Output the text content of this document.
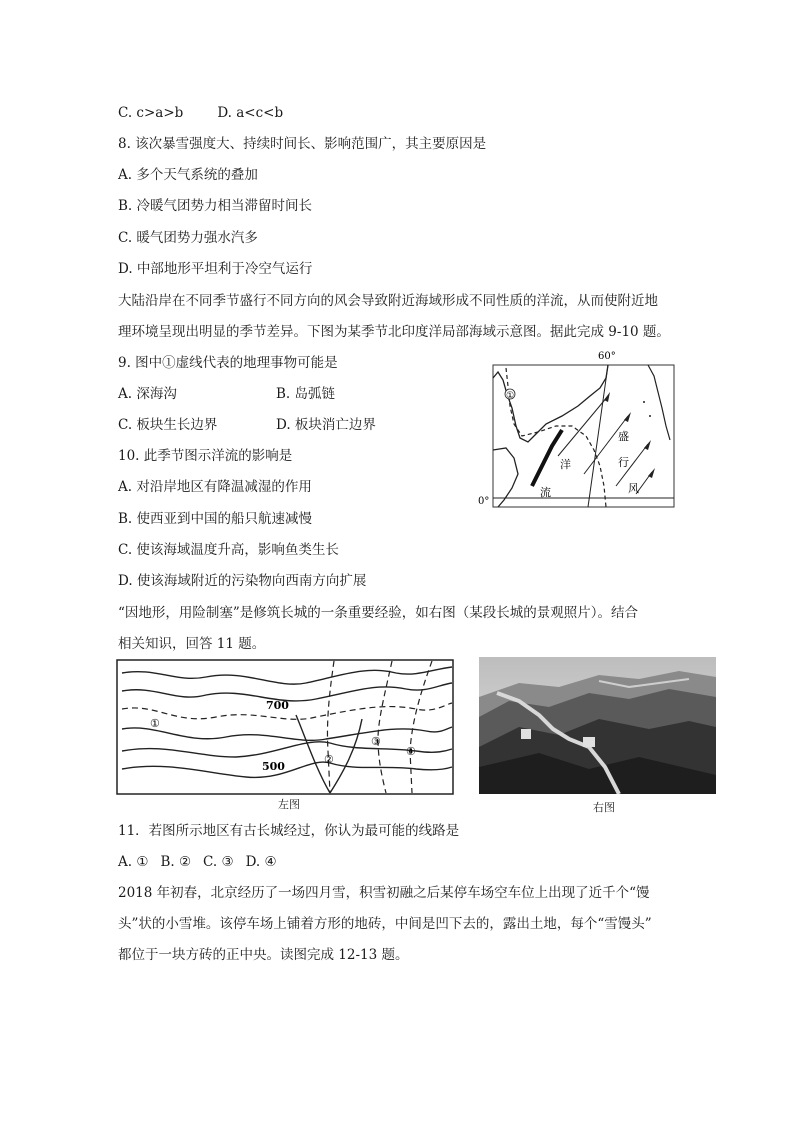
C. c>a>b	D. a<c<b
8. 该次暴雪强度大、持续时间长、影响范围广，其主要原因是
A. 多个天气系统的叠加
B. 冷暖气团势力相当滞留时间长
C. 暖气团势力强水汽多
D. 中部地形平坦利于冷空气运行
大陆沿岸在不同季节盛行不同方向的风会导致附近海域形成不同性质的洋流，从而使附近地
理环境呈现出明显的季节差异。下图为某季节北印度洋局部海域示意图。据此完成 9-10 题。
9. 图中①虚线代表的地理事物可能是
A. 深海沟	B. 岛弧链
C. 板块生长边界	D. 板块消亡边界
10. 此季节图示洋流的影响是
A. 对沿岸地区有降温减湿的作用
B. 使西亚到中国的船只航速减慢
C. 使该海域温度升高，影响鱼类生长
D. 使该海域附近的污染物向西南方向扩展
①
60°
0°
盛
行
风
洋
流
“因地形，用险制塞”是修筑长城的一条重要经验，如右图（某段长城的景观照片）。结合
相关知识，回答 11 题。
700
500
①
②
③
④
左图	右图
11．若图所示地区有古长城经过，你认为最可能的线路是
A. ① B. ② C. ③ D. ④
2018 年初春，北京经历了一场四月雪，积雪初融之后某停车场空车位上出现了近千个“馒
头”状的小雪堆。该停车场上铺着方形的地砖，中间是凹下去的，露出土地，每个“雪馒头”
都位于一块方砖的正中央。读图完成 12-13 题。
